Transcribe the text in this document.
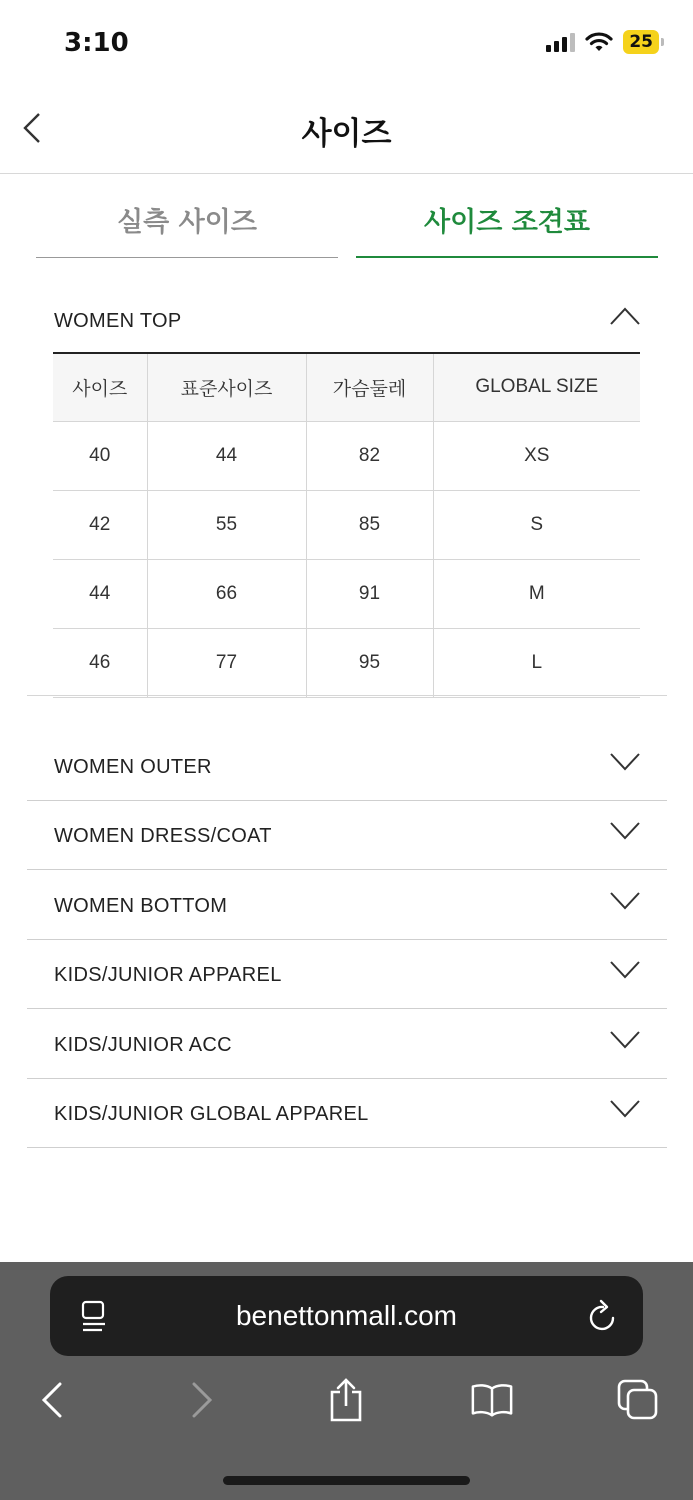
3:10	25
사이즈
실측 사이즈	사이즈 조견표
WOMEN TOP
사이즈	표준사이즈	가슴둘레	GLOBAL SIZE
40	44	82	XS
42	55	85	S
44	66	91	M
46	77	95	L
WOMEN OUTER
WOMEN DRESS/COAT
WOMEN BOTTOM
KIDS/JUNIOR APPAREL
KIDS/JUNIOR ACC
KIDS/JUNIOR GLOBAL APPAREL
benettonmall.com
